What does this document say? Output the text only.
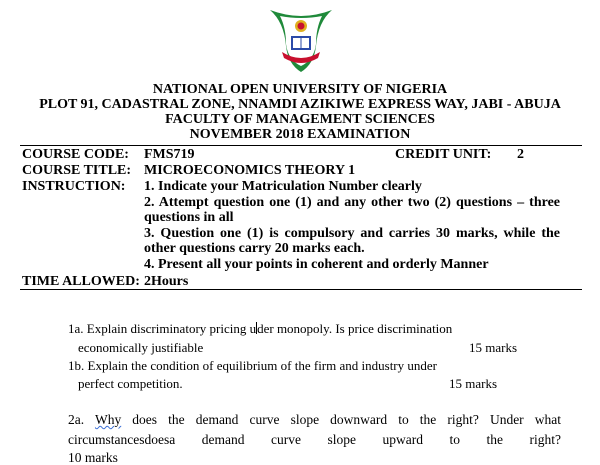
NATIONAL OPEN UNIVERSITY OF NIGERIA
PLOT 91, CADASTRAL ZONE, NNAMDI AZIKIWE EXPRESS WAY, JABI - ABUJA
FACULTY OF MANAGEMENT SCIENCES
NOVEMBER 2018 EXAMINATION
COURSE CODE: FMS719	CREDIT UNIT: 2
COURSE TITLE: MICROECONOMICS THEORY 1
INSTRUCTION: 1. Indicate your Matriculation Number clearly

2. Attempt question one (1) and any other two (2) questions – three questions in all

3. Question one (1) is compulsory and carries 30 marks, while the other questions carry 20 marks each.

4. Present all your points in coherent and orderly Manner

TIME ALLOWED: 2Hours
1a. Explain discriminatory pricing uder monopoly. Is price discrimination
economically justifiable	15 marks
1b. Explain the condition of equilibrium of the firm and industry under
perfect competition.	15 marks
2a. Why does the demand curve slope downward to the right? Under what
circumstancesdoesa demand curve slope upward to the right?
10 marks
